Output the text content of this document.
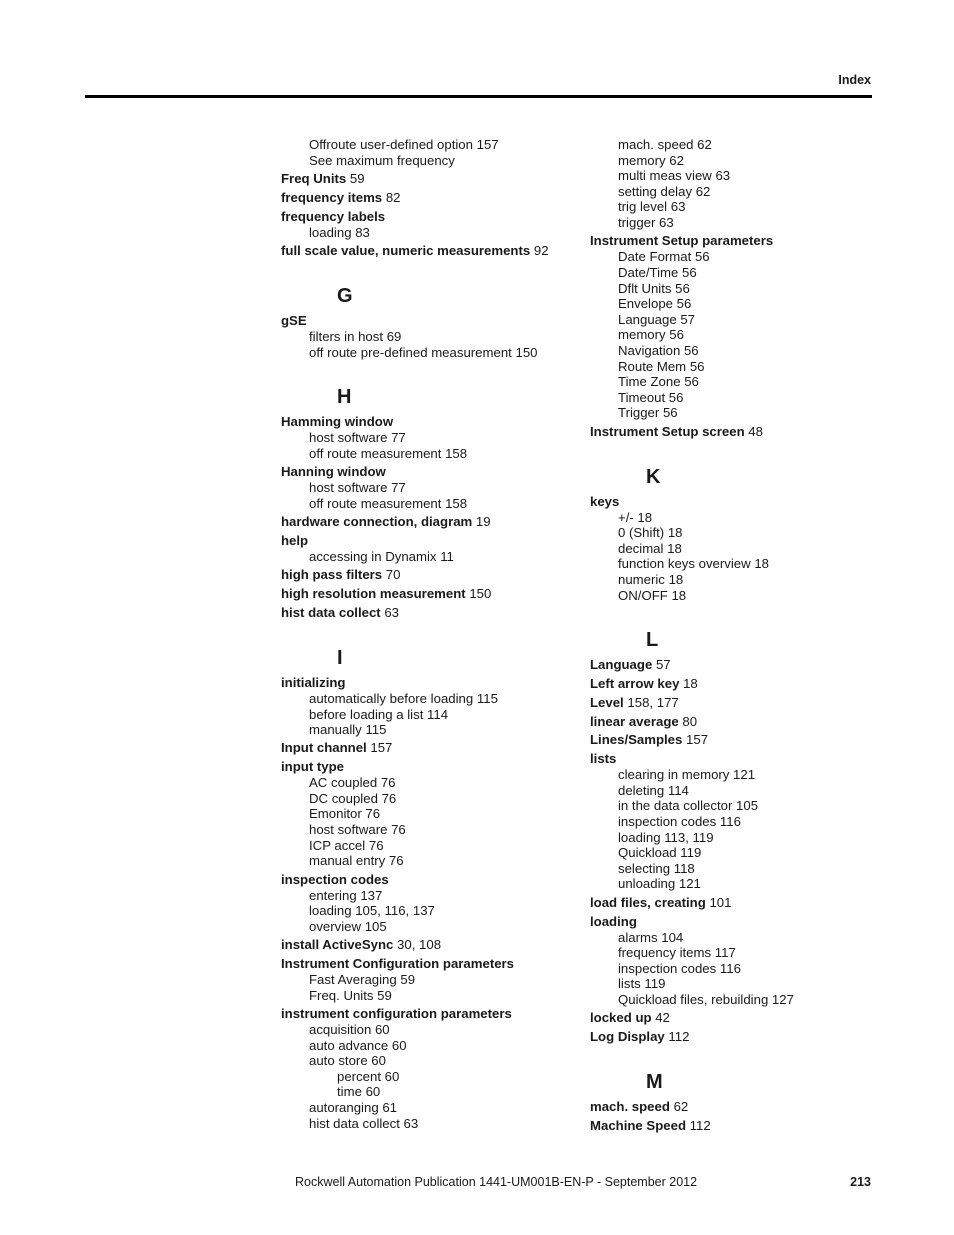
Index
Offroute user-defined option 157
See maximum frequency
Freq Units 59
frequency items 82
frequency labels
loading 83
full scale value, numeric measurements 92
G
gSE
filters in host 69
off route pre-defined measurement 150
H
Hamming window
host software 77
off route measurement 158
Hanning window
host software 77
off route measurement 158
hardware connection, diagram 19
help
accessing in Dynamix 11
high pass filters 70
high resolution measurement 150
hist data collect 63
I
initializing
automatically before loading 115
before loading a list 114
manually 115
Input channel 157
input type
AC coupled 76
DC coupled 76
Emonitor 76
host software 76
ICP accel 76
manual entry 76
inspection codes
entering 137
loading 105, 116, 137
overview 105
install ActiveSync 30, 108
Instrument Configuration parameters
Fast Averaging 59
Freq. Units 59
instrument configuration parameters
acquisition 60
auto advance 60
auto store 60
percent 60
time 60
autoranging 61
hist data collect 63
mach. speed 62
memory 62
multi meas view 63
setting delay 62
trig level 63
trigger 63
Instrument Setup parameters
Date Format 56
Date/Time 56
Dflt Units 56
Envelope 56
Language 57
memory 56
Navigation 56
Route Mem 56
Time Zone 56
Timeout 56
Trigger 56
Instrument Setup screen 48
K
keys
+/- 18
0 (Shift) 18
decimal 18
function keys overview 18
numeric 18
ON/OFF 18
L
Language 57
Left arrow key 18
Level 158, 177
linear average 80
Lines/Samples 157
lists
clearing in memory 121
deleting 114
in the data collector 105
inspection codes 116
loading 113, 119
Quickload 119
selecting 118
unloading 121
load files, creating 101
loading
alarms 104
frequency items 117
inspection codes 116
lists 119
Quickload files, rebuilding 127
locked up 42
Log Display 112
M
mach. speed 62
Machine Speed 112
Rockwell Automation Publication 1441-UM001B-EN-P - September 2012	213
